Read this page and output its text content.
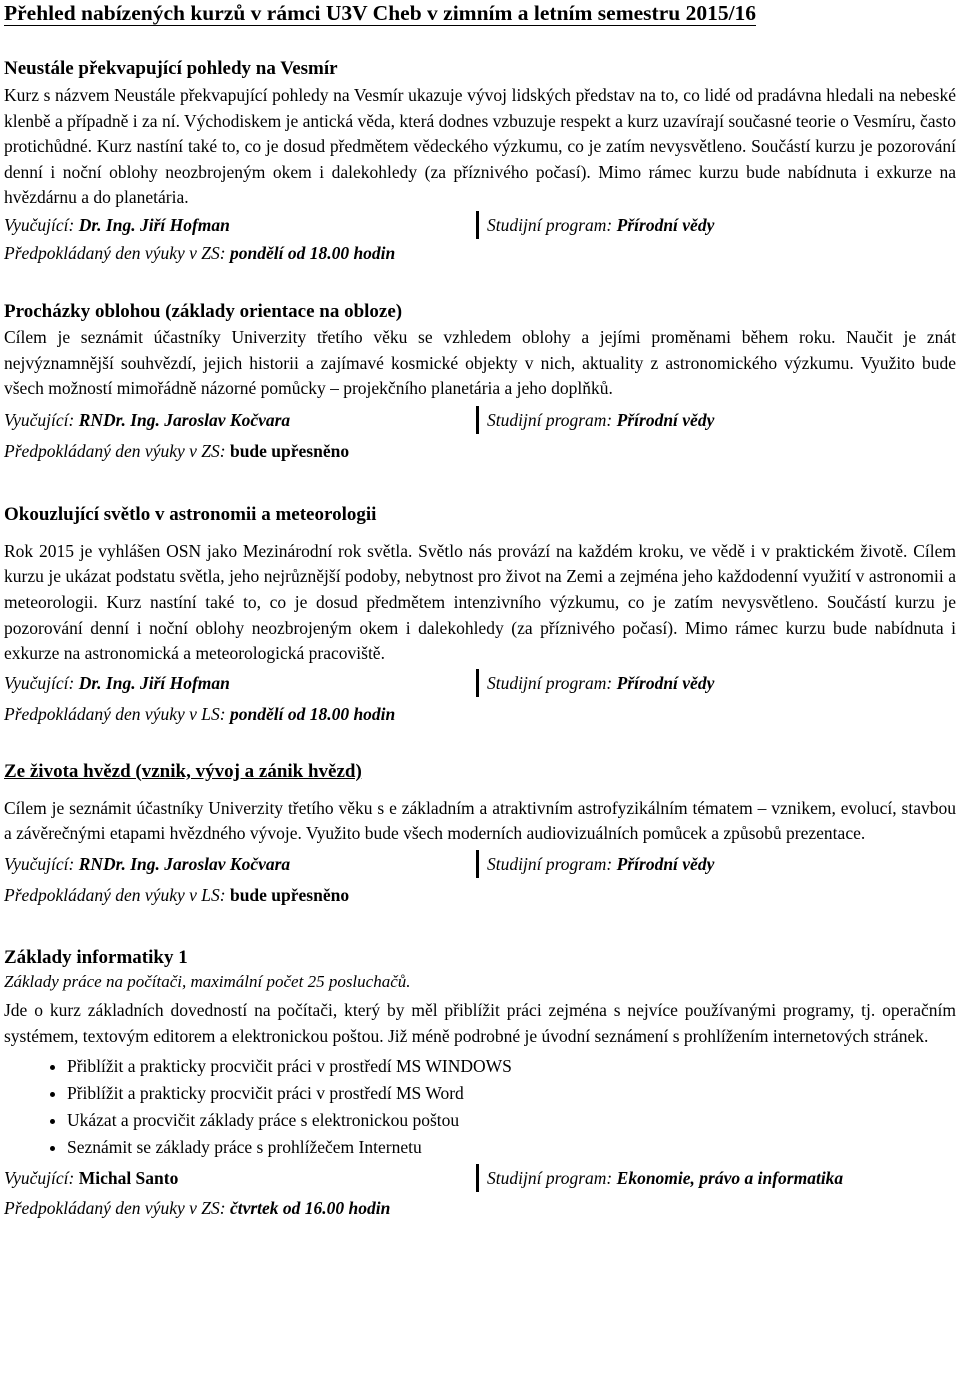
Přehled nabízených kurzů v rámci U3V Cheb v zimním a letním semestru 2015/16
Neustále překvapující pohledy na Vesmír

Kurz s názvem Neustále překvapující pohledy na Vesmír ukazuje vývoj lidských představ na to, co lidé od pradávna hledali na nebeské klenbě a případně i za ní. Východiskem je antická věda, která dodnes vzbuzuje respekt a kurz uzavírají současné teorie o Vesmíru, často protichůdné. Kurz nastíní také to, co je dosud předmětem vědeckého výzkumu, co je zatím nevysvětleno. Součástí kurzu je pozorování denní i noční oblohy neozbrojeným okem i dalekohledy (za příznivého počasí). Mimo rámec kurzu bude nabídnuta i exkurze na hvězdárnu a do planetária.

Vyučující: Dr. Ing. Jiří Hofman	Studijní program: Přírodní vědy
Předpokládaný den výuky v ZS: pondělí od 18.00 hodin
Procházky oblohou (základy orientace na obloze)

Cílem je seznámit účastníky Univerzity třetího věku se vzhledem oblohy a jejími proměnami během roku. Naučit je znát nejvýznamnější souhvězdí, jejich historii a zajímavé kosmické objekty v nich, aktuality z astronomického výzkumu. Využito bude všech možností mimořádně názorné pomůcky – projekčního planetária a jeho doplňků.

Vyučující: RNDr. Ing. Jaroslav Kočvara	Studijní program: Přírodní vědy
Předpokládaný den výuky v ZS: bude upřesněno
Okouzlující světlo v astronomii a meteorologii

Rok 2015 je vyhlášen OSN jako Mezinárodní rok světla. Světlo nás provází na každém kroku, ve vědě i v praktickém životě. Cílem kurzu je ukázat podstatu světla, jeho nejrůznější podoby, nebytnost pro život na Zemi a zejména jeho každodenní využití v astronomii a meteorologii. Kurz nastíní také to, co je dosud předmětem intenzivního výzkumu, co je zatím nevysvětleno. Součástí kurzu je pozorování denní i noční oblohy neozbrojeným okem i dalekohledy (za příznivého počasí). Mimo rámec kurzu bude nabídnuta i exkurze na astronomická a meteorologická pracoviště.

Vyučující: Dr. Ing. Jiří Hofman	Studijní program: Přírodní vědy
Předpokládaný den výuky v LS: pondělí od 18.00 hodin
Ze života hvězd (vznik, vývoj a zánik hvězd)

Cílem je seznámit účastníky Univerzity třetího věku s e základním a atraktivním astrofyzikálním tématem – vznikem, evolucí, stavbou a závěrečnými etapami hvězdného vývoje. Využito bude všech moderních audiovizuálních pomůcek a způsobů prezentace.

Vyučující: RNDr. Ing. Jaroslav Kočvara	Studijní program: Přírodní vědy
Předpokládaný den výuky v LS: bude upřesněno
Základy informatiky 1

Základy práce na počítači, maximální počet 25 posluchačů.

Jde o kurz základních dovedností na počítači, který by měl přiblížit práci zejména s nejvíce používanými programy, tj. operačním systémem, textovým editorem a elektronickou poštou. Již méně podrobné je úvodní seznámení s prohlížením internetových stránek.

• Přiblížit a prakticky procvičit práci v prostředí MS WINDOWS
• Přiblížit a prakticky procvičit práci v prostředí MS Word
• Ukázat a procvičit základy práce s elektronickou poštou
• Seznámit se základy práce s prohlížečem Internetu
Vyučující: Michal Santo	Studijní program: Ekonomie, právo a informatika
Předpokládaný den výuky v ZS: čtvrtek od 16.00 hodin
